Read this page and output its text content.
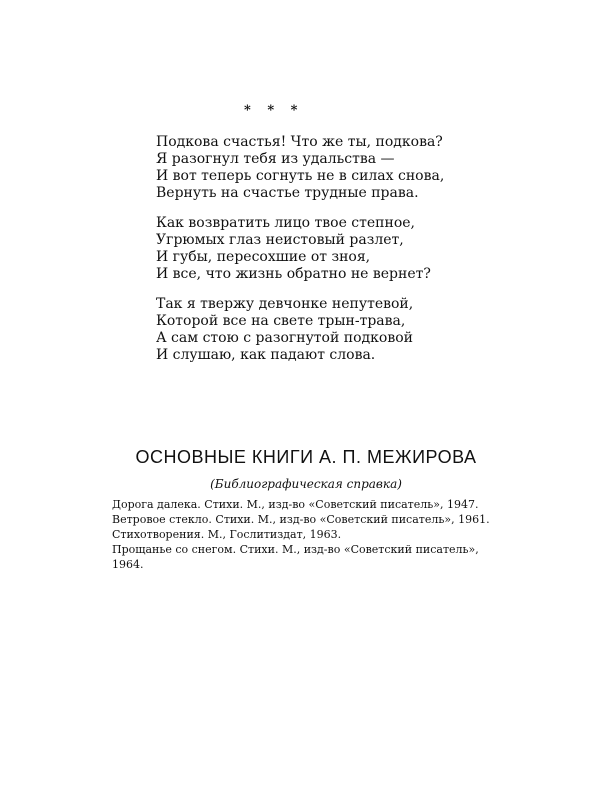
* * *
Подкова счастья! Что же ты, подкова?
Я разогнул тебя из удальства —
И вот теперь согнуть не в силах снова,
Вернуть на счастье трудные права.
Как возвратить лицо твое степное,
Угрюмых глаз неистовый разлет,
И губы, пересохшие от зноя,
И все, что жизнь обратно не вернет?
Так я твержу девчонке непутевой,
Которой все на свете трын-трава,
А сам стою с разогнутой подковой
И слушаю, как падают слова.
ОСНОВНЫЕ КНИГИ А. П. МЕЖИРОВА
(Библиографическая справка)

Дорога далека. Стихи. М., изд-во «Советский писатель», 1947.

Ветровое стекло. Стихи. М., изд-во «Советский писатель», 1961.

Стихотворения. М., Гослитиздат, 1963.

Прощанье со снегом. Стихи. М., изд-во «Советский писатель», 1964.
